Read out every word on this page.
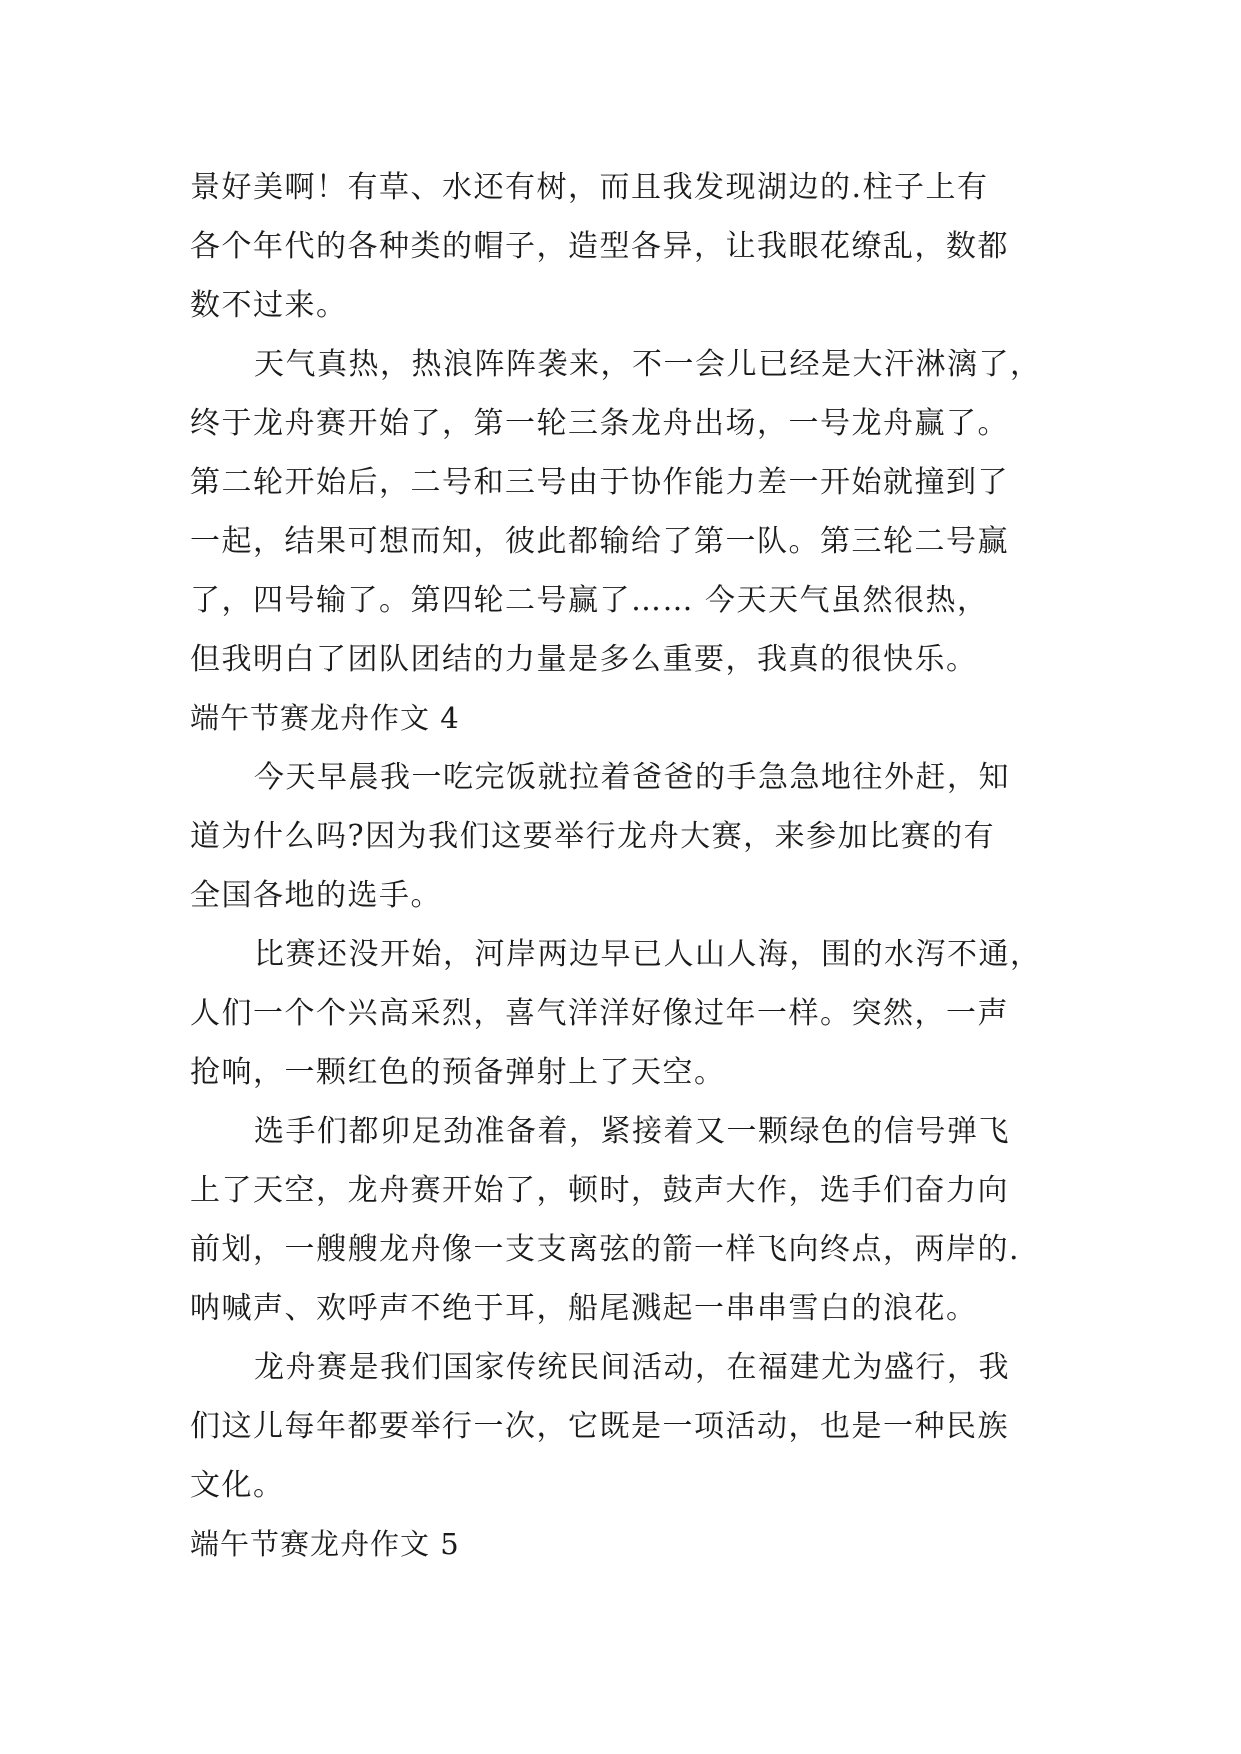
景好美啊！有草、水还有树，而且我发现湖边的.柱子上有
各个年代的各种类的帽子，造型各异，让我眼花缭乱，数都
数不过来。
天气真热，热浪阵阵袭来，不一会儿已经是大汗淋漓了，
终于龙舟赛开始了，第一轮三条龙舟出场，一号龙舟赢了。
第二轮开始后，二号和三号由于协作能力差一开始就撞到了
一起，结果可想而知，彼此都输给了第一队。第三轮二号赢
了，四号输了。第四轮二号赢了…… 今天天气虽然很热，
但我明白了团队团结的力量是多么重要，我真的很快乐。
端午节赛龙舟作文 4
今天早晨我一吃完饭就拉着爸爸的手急急地往外赶，知
道为什么吗?因为我们这要举行龙舟大赛，来参加比赛的有
全国各地的选手。
比赛还没开始，河岸两边早已人山人海，围的水泻不通，
人们一个个兴高采烈，喜气洋洋好像过年一样。突然，一声
抢响，一颗红色的预备弹射上了天空。
选手们都卯足劲准备着，紧接着又一颗绿色的信号弹飞
上了天空，龙舟赛开始了，顿时，鼓声大作，选手们奋力向
前划，一艘艘龙舟像一支支离弦的箭一样飞向终点，两岸的.
呐喊声、欢呼声不绝于耳，船尾溅起一串串雪白的浪花。
龙舟赛是我们国家传统民间活动，在福建尤为盛行，我
们这儿每年都要举行一次，它既是一项活动，也是一种民族
文化。
端午节赛龙舟作文 5
